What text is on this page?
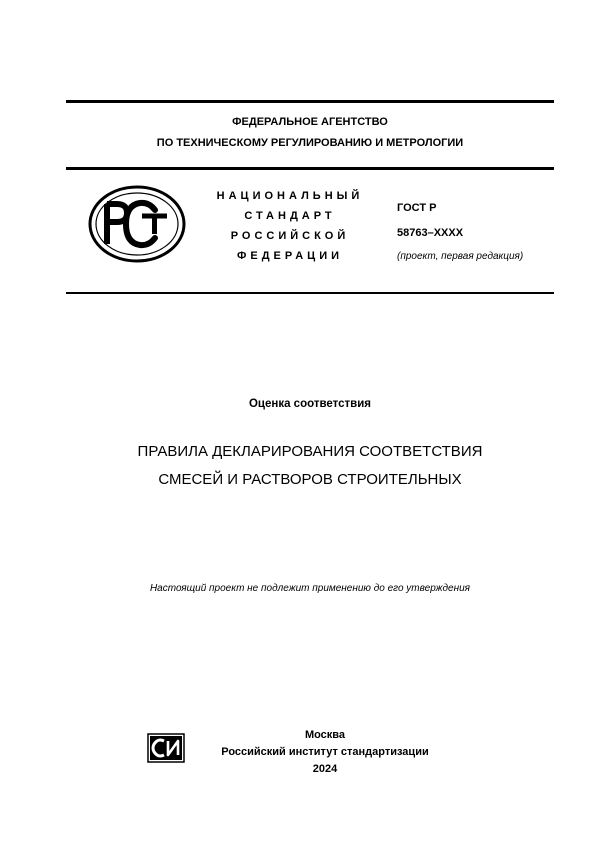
ФЕДЕРАЛЬНОЕ АГЕНТСТВО
ПО ТЕХНИЧЕСКОМУ РЕГУЛИРОВАНИЮ И МЕТРОЛОГИИ
НАЦИОНАЛЬНЫЙ
СТАНДАРТ
РОССИЙСКОЙ
ФЕДЕРАЦИИ
ГОСТ Р
58763–XXXX
(проект, первая редакция)
Оценка соответствия
ПРАВИЛА ДЕКЛАРИРОВАНИЯ СООТВЕТСТВИЯ
СМЕСЕЙ И РАСТВОРОВ СТРОИТЕЛЬНЫХ
Настоящий проект не подлежит применению до его утверждения
Москва
Российский институт стандартизации
2024
